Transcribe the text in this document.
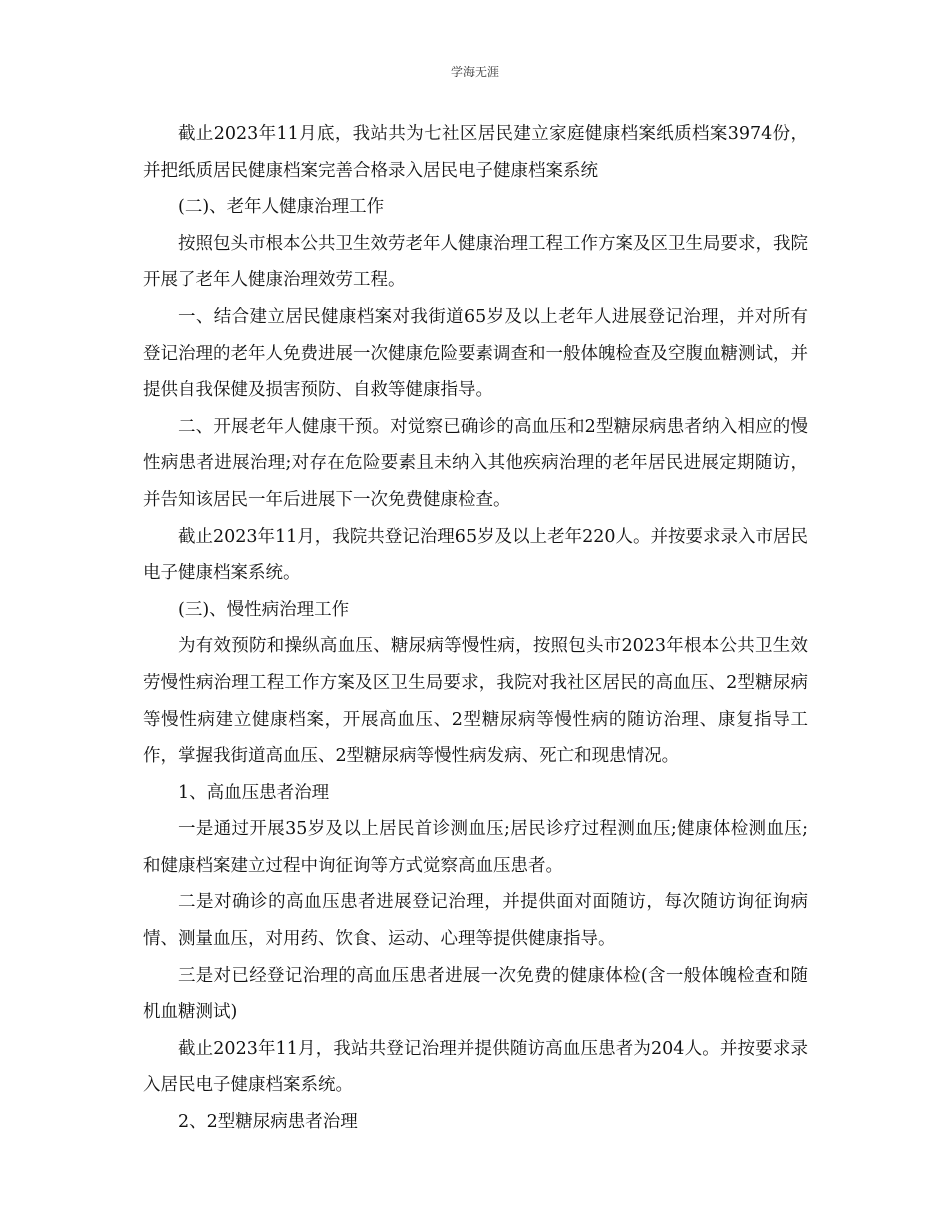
学海无涯

截止2023年11月底，我站共为七社区居民建立家庭健康档案纸质档案3974份，并把纸质居民健康档案完善合格录入居民电子健康档案系统

(二)、老年人健康治理工作

按照包头市根本公共卫生效劳老年人健康治理工程工作方案及区卫生局要求，我院开展了老年人健康治理效劳工程。

一、结合建立居民健康档案对我街道65岁及以上老年人进展登记治理，并对所有登记治理的老年人免费进展一次健康危险要素调查和一般体魄检查及空腹血糖测试，并提供自我保健及损害预防、自救等健康指导。

二、开展老年人健康干预。对觉察已确诊的高血压和2型糖尿病患者纳入相应的慢性病患者进展治理;对存在危险要素且未纳入其他疾病治理的老年居民进展定期随访，并告知该居民一年后进展下一次免费健康检查。

截止2023年11月，我院共登记治理65岁及以上老年220人。并按要求录入市居民电子健康档案系统。

(三)、慢性病治理工作

为有效预防和操纵高血压、糖尿病等慢性病，按照包头市2023年根本公共卫生效劳慢性病治理工程工作方案及区卫生局要求，我院对我社区居民的高血压、2型糖尿病等慢性病建立健康档案，开展高血压、2型糖尿病等慢性病的随访治理、康复指导工作，掌握我街道高血压、2型糖尿病等慢性病发病、死亡和现患情况。

1、高血压患者治理

一是通过开展35岁及以上居民首诊测血压;居民诊疗过程测血压;健康体检测血压;和健康档案建立过程中询征询等方式觉察高血压患者。

二是对确诊的高血压患者进展登记治理，并提供面对面随访，每次随访询征询病情、测量血压，对用药、饮食、运动、心理等提供健康指导。

三是对已经登记治理的高血压患者进展一次免费的健康体检(含一般体魄检查和随机血糖测试)

截止2023年11月，我站共登记治理并提供随访高血压患者为204人。并按要求录入居民电子健康档案系统。

2、2型糖尿病患者治理
